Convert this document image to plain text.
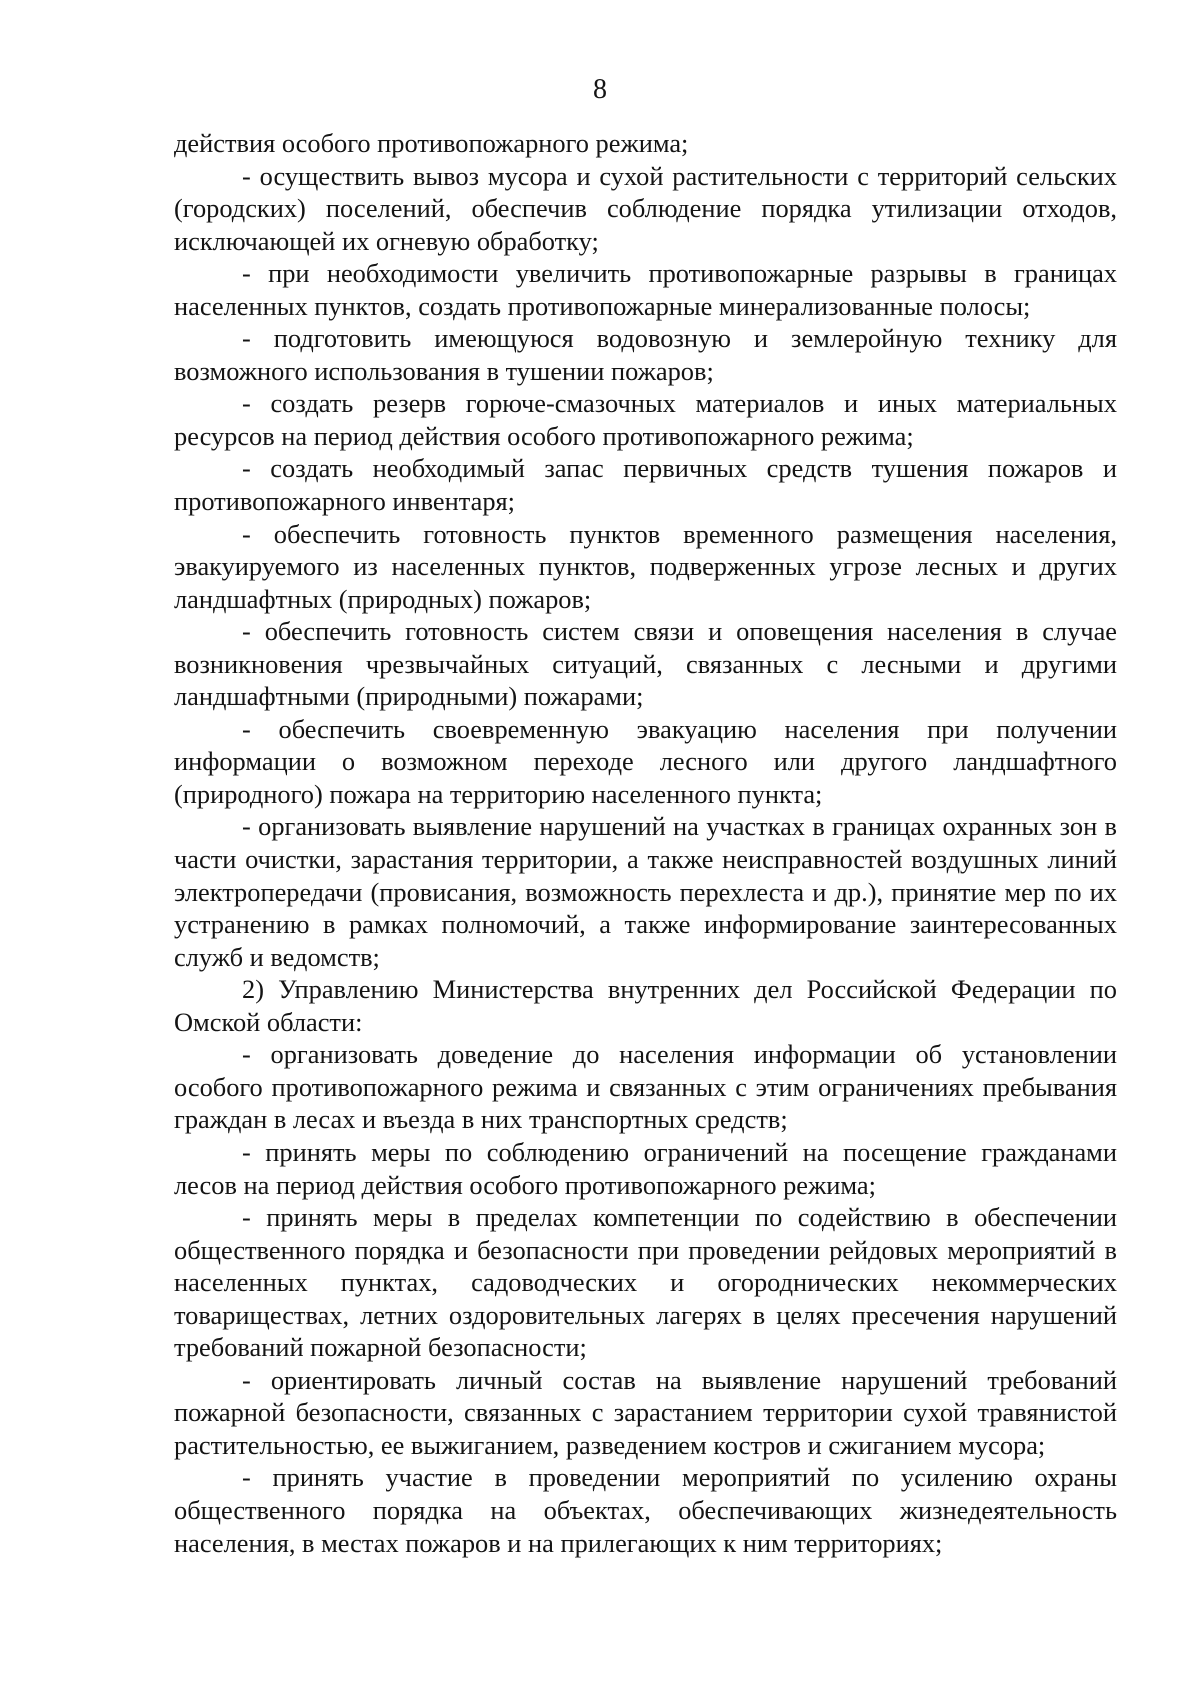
8

действия особого противопожарного режима;

- осуществить вывоз мусора и сухой растительности с территорий сельских (городских) поселений, обеспечив соблюдение порядка утилизации отходов, исключающей их огневую обработку;

- при необходимости увеличить противопожарные разрывы в границах населенных пунктов, создать противопожарные минерализованные полосы;

- подготовить имеющуюся водовозную и землеройную технику для возможного использования в тушении пожаров;

- создать резерв горюче-смазочных материалов и иных материальных ресурсов на период действия особого противопожарного режима;

- создать необходимый запас первичных средств тушения пожаров и противопожарного инвентаря;

- обеспечить готовность пунктов временного размещения населения, эвакуируемого из населенных пунктов, подверженных угрозе лесных и других ландшафтных (природных) пожаров;

- обеспечить готовность систем связи и оповещения населения в случае возникновения чрезвычайных ситуаций, связанных с лесными и другими ландшафтными (природными) пожарами;

- обеспечить своевременную эвакуацию населения при получении информации о возможном переходе лесного или другого ландшафтного (природного) пожара на территорию населенного пункта;

- организовать выявление нарушений на участках в границах охранных зон в части очистки, зарастания территории, а также неисправностей воздушных линий электропередачи (провисания, возможность перехлеста и др.), принятие мер по их устранению в рамках полномочий, а также информирование заинтересованных служб и ведомств;

2) Управлению Министерства внутренних дел Российской Федерации по Омской области:

- организовать доведение до населения информации об установлении особого противопожарного режима и связанных с этим ограничениях пребывания граждан в лесах и въезда в них транспортных средств;

- принять меры по соблюдению ограничений на посещение гражданами лесов на период действия особого противопожарного режима;

- принять меры в пределах компетенции по содействию в обеспечении общественного порядка и безопасности при проведении рейдовых мероприятий в населенных пунктах, садоводческих и огороднических некоммерческих товариществах, летних оздоровительных лагерях в целях пресечения нарушений требований пожарной безопасности;

- ориентировать личный состав на выявление нарушений требований пожарной безопасности, связанных с зарастанием территории сухой травянистой растительностью, ее выжиганием, разведением костров и сжиганием мусора;

- принять участие в проведении мероприятий по усилению охраны общественного порядка на объектах, обеспечивающих жизнедеятельность населения, в местах пожаров и на прилегающих к ним территориях;
